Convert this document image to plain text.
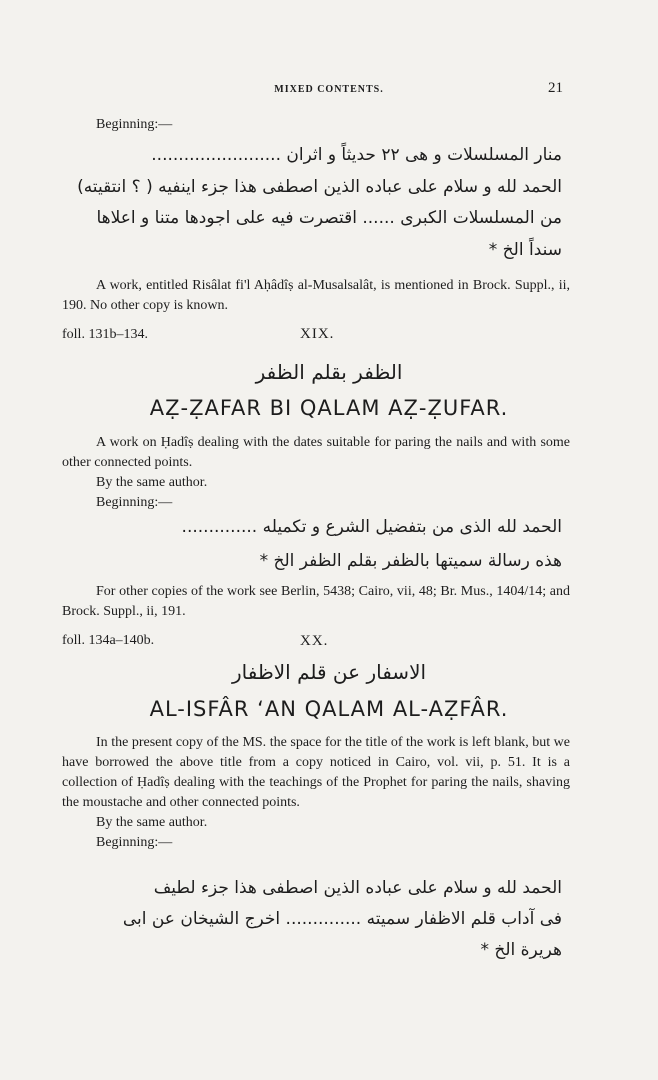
MIXED CONTENTS.	21
Beginning:—
منار المسلسلات و هی ۲۲ حدیثاً و اثران ........................
الحمد لله و سلام علی عباده الذین اصطفی هذا جزء اینفیه ( ؟ انتقیته)
من المسلسلات الکبری ...... اقتصرت فیه علی اجودها متنا و اعلاها
سنداً الخ *

A work, entitled Risâlat fi'l Aḥâdîṣ al-Musalsalât, is mentioned in Brock. Suppl., ii, 190. No other copy is known.

foll. 131b–134.	XIX.
الظفر بقلم الظفر
AẒ-ẒAFAR BI QALAM AẒ-ẒUFAR.

A work on Ḥadîṣ dealing with the dates suitable for paring the nails and with some other connected points.

By the same author.

Beginning:—

الحمد لله الذی من بتفضیل الشرع و تکمیله ..............
هذه رسالة سمیتها بالظفر بقلم الظفر الخ *

For other copies of the work see Berlin, 5438; Cairo, vii, 48; Br. Mus., 1404/14; and Brock. Suppl., ii, 191.

foll. 134a–140b.	XX.
الاسفار عن قلم الاظفار
AL-ISFÂR ‘AN QALAM AL-AẒFÂR.

In the present copy of the MS. the space for the title of the work is left blank, but we have borrowed the above title from a copy noticed in Cairo, vol. vii, p. 51. It is a collection of Ḥadîṣ dealing with the teachings of the Prophet for paring the nails, shaving the moustache and other connected points.

By the same author.

Beginning:—

الحمد لله و سلام علی عباده الذین اصطفی هذا جزء لطیف
فی آداب قلم الاظفار سمیته .............. اخرج الشیخان عن ابی
هریرة الخ *
